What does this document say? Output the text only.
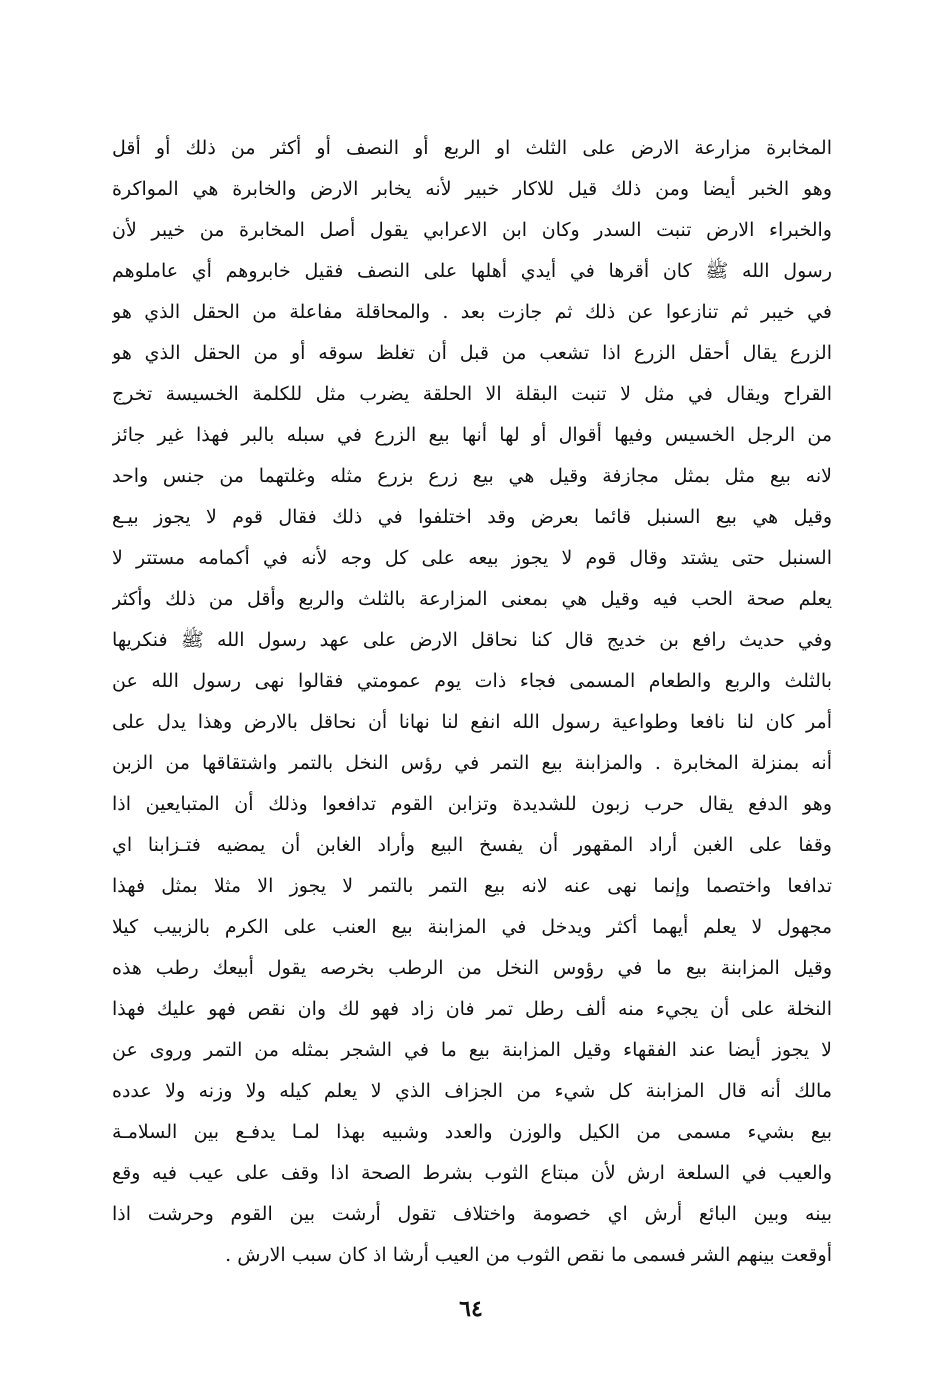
المخابرة مزارعة الارض على الثلث او الربع أو النصف أو أكثر من ذلك أو أقل
وهو الخبر أيضا ومن ذلك قيل للاكار خبير لأنه يخابر الارض والخابرة هي المواكرة
والخبراء الارض تنبت السدر وكان ابن الاعرابي يقول أصل المخابرة من خيبر لأن
رسول الله ﷺ كان أقرها في أيدي أهلها على النصف فقيل خابروهم أي عاملوهم
في خيبر ثم تنازعوا عن ذلك ثم جازت بعد . والمحاقلة مفاعلة من الحقل الذي هو
الزرع يقال أحقل الزرع اذا تشعب من قبل أن تغلظ سوقه أو من الحقل الذي هو
القراح ويقال في مثل لا تنبت البقلة الا الحلقة يضرب مثل للكلمة الخسيسة تخرج
من الرجل الخسيس وفيها أقوال أو لها أنها بيع الزرع في سبله بالبر فهذا غير جائز
لانه بيع مثل بمثل مجازفة وقيل هي بيع زرع بزرع مثله وغلتهما من جنس واحد
وقيل هي بيع السنبل قائما بعرض وقد اختلفوا في ذلك فقال قوم لا يجوز بيـع
السنبل حتى يشتد وقال قوم لا يجوز بيعه على كل وجه لأنه في أكمامه مستتر لا
يعلم صحة الحب فيه وقيل هي بمعنى المزارعة بالثلث والربع وأقل من ذلك وأكثر
وفي حديث رافع بن خديج قال كنا نحاقل الارض على عهد رسول الله ﷺ فنكريها
بالثلث والربع والطعام المسمى فجاء ذات يوم عمومتي فقالوا نهى رسول الله عن
أمر كان لنا نافعا وطواعية رسول الله انفع لنا نهانا أن نحاقل بالارض وهذا يدل على
أنه بمنزلة المخابرة . والمزابنة بيع التمر في رؤس النخل بالتمر واشتقاقها من الزبن
وهو الدفع يقال حرب زبون للشديدة وتزابن القوم تدافعوا وذلك أن المتبايعين اذا
وقفا على الغبن أراد المقهور أن يفسخ البيع وأراد الغابن أن يمضيه فتـزابنا اي
تدافعا واختصما وإنما نهى عنه لانه بيع التمر بالتمر لا يجوز الا مثلا بمثل فهذا
مجهول لا يعلم أيهما أكثر ويدخل في المزابنة بيع العنب على الكرم بالزبيب كيلا
وقيل المزابنة بيع ما في رؤوس النخل من الرطب بخرصه يقول أبيعك رطب هذه
النخلة على أن يجيء منه ألف رطل تمر فان زاد فهو لك وان نقص فهو عليك فهذا
لا يجوز أيضا عند الفقهاء وقيل المزابنة بيع ما في الشجر بمثله من التمر وروى عن
مالك أنه قال المزابنة كل شيء من الجزاف الذي لا يعلم كيله ولا وزنه ولا عدده
بيع بشيء مسمى من الكيل والوزن والعدد وشبيه بهذا لمـا يدفـع بين السلامـة
والعيب في السلعة ارش لأن مبتاع الثوب بشرط الصحة اذا وقف على عيب فيه وقع
بينه وبين البائع أرش اي خصومة واختلاف تقول أرشت بين القوم وحرشت اذا
أوقعت بينهم الشر فسمى ما نقص الثوب من العيب أرشا اذ كان سبب الارش .
٦٤
